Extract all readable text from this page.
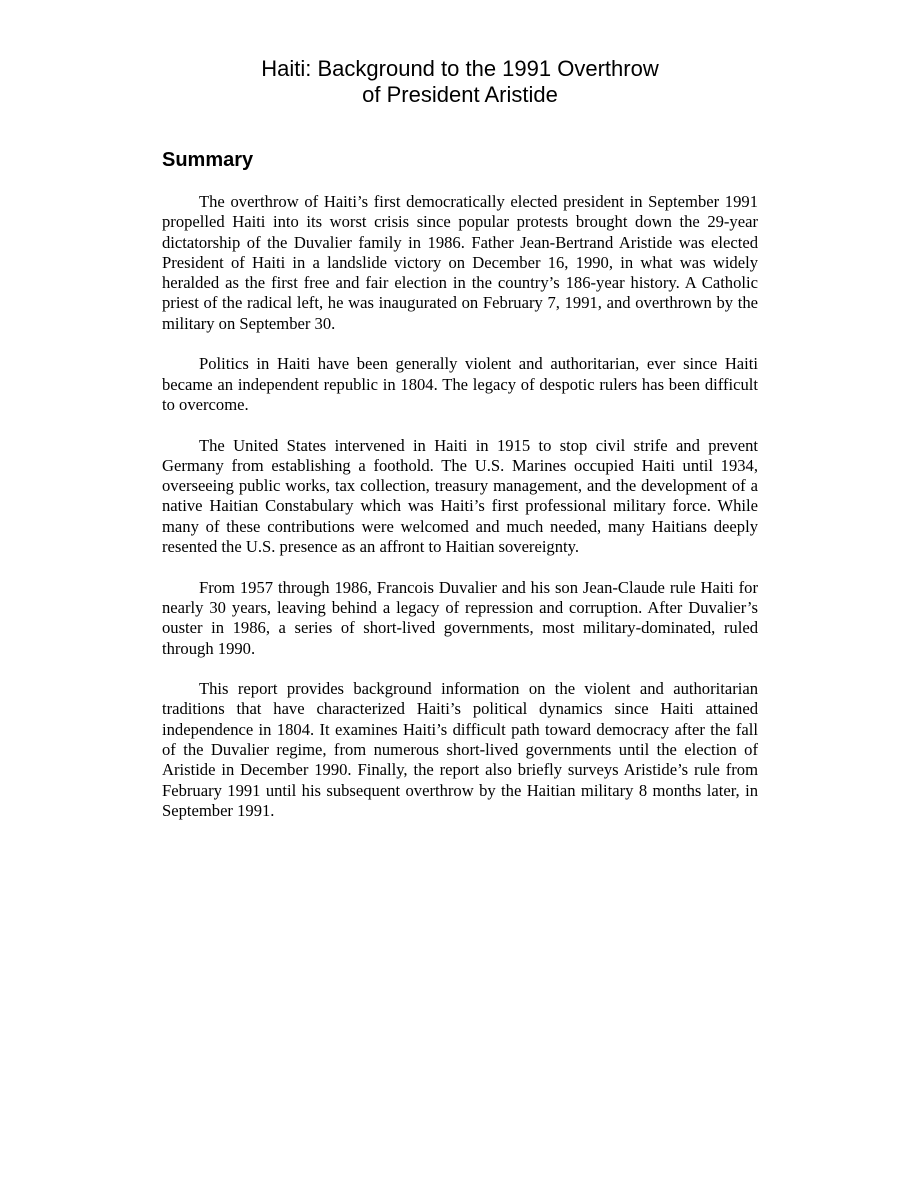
Haiti: Background to the 1991 Overthrow
of President Aristide
Summary

The overthrow of Haiti’s first democratically elected president in September 1991 propelled Haiti into its worst crisis since popular protests brought down the 29-year dictatorship of the Duvalier family in 1986. Father Jean-Bertrand Aristide was elected President of Haiti in a landslide victory on December 16, 1990, in what was widely heralded as the first free and fair election in the country’s 186-year history. A Catholic priest of the radical left, he was inaugurated on February 7, 1991, and overthrown by the military on September 30.

Politics in Haiti have been generally violent and authoritarian, ever since Haiti became an independent republic in 1804. The legacy of despotic rulers has been difficult to overcome.

The United States intervened in Haiti in 1915 to stop civil strife and prevent Germany from establishing a foothold. The U.S. Marines occupied Haiti until 1934, overseeing public works, tax collection, treasury management, and the development of a native Haitian Constabulary which was Haiti’s first professional military force. While many of these contributions were welcomed and much needed, many Haitians deeply resented the U.S. presence as an affront to Haitian sovereignty.

From 1957 through 1986, Francois Duvalier and his son Jean-Claude rule Haiti for nearly 30 years, leaving behind a legacy of repression and corruption. After Duvalier’s ouster in 1986, a series of short-lived governments, most military-dominated, ruled through 1990.

This report provides background information on the violent and authoritarian traditions that have characterized Haiti’s political dynamics since Haiti attained independence in 1804. It examines Haiti’s difficult path toward democracy after the fall of the Duvalier regime, from numerous short-lived governments until the election of Aristide in December 1990. Finally, the report also briefly surveys Aristide’s rule from February 1991 until his subsequent overthrow by the Haitian military 8 months later, in September 1991.
